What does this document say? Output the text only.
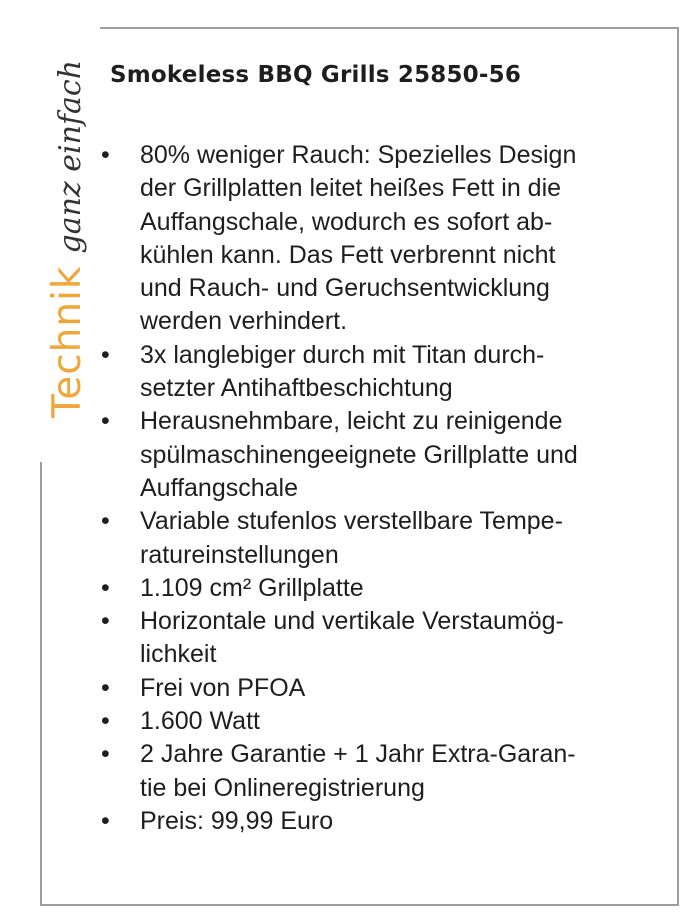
Technikganz einfach Smokeless BBQ Grills 25850-56
• 80% weniger Rauch: Spezielles Design
der Grillplatten leitet heißes Fett in die
Auffangschale, wodurch es sofort ab-
kühlen kann. Das Fett verbrennt nicht
und Rauch- und Geruchsentwicklung
werden verhindert.
• 3x langlebiger durch mit Titan durch-
setzter Antihaftbeschichtung
• Herausnehmbare, leicht zu reinigende
spülmaschinengeeignete Grillplatte und
Auffangschale
• Variable stufenlos verstellbare Tempe-
ratureinstellungen
• 1.109 cm² Grillplatte
• Horizontale und vertikale Verstaumög-
lichkeit
• Frei von PFOA
• 1.600 Watt
• 2 Jahre Garantie + 1 Jahr Extra-Garan-
tie bei Onlineregistrierung
• Preis: 99,99 Euro
